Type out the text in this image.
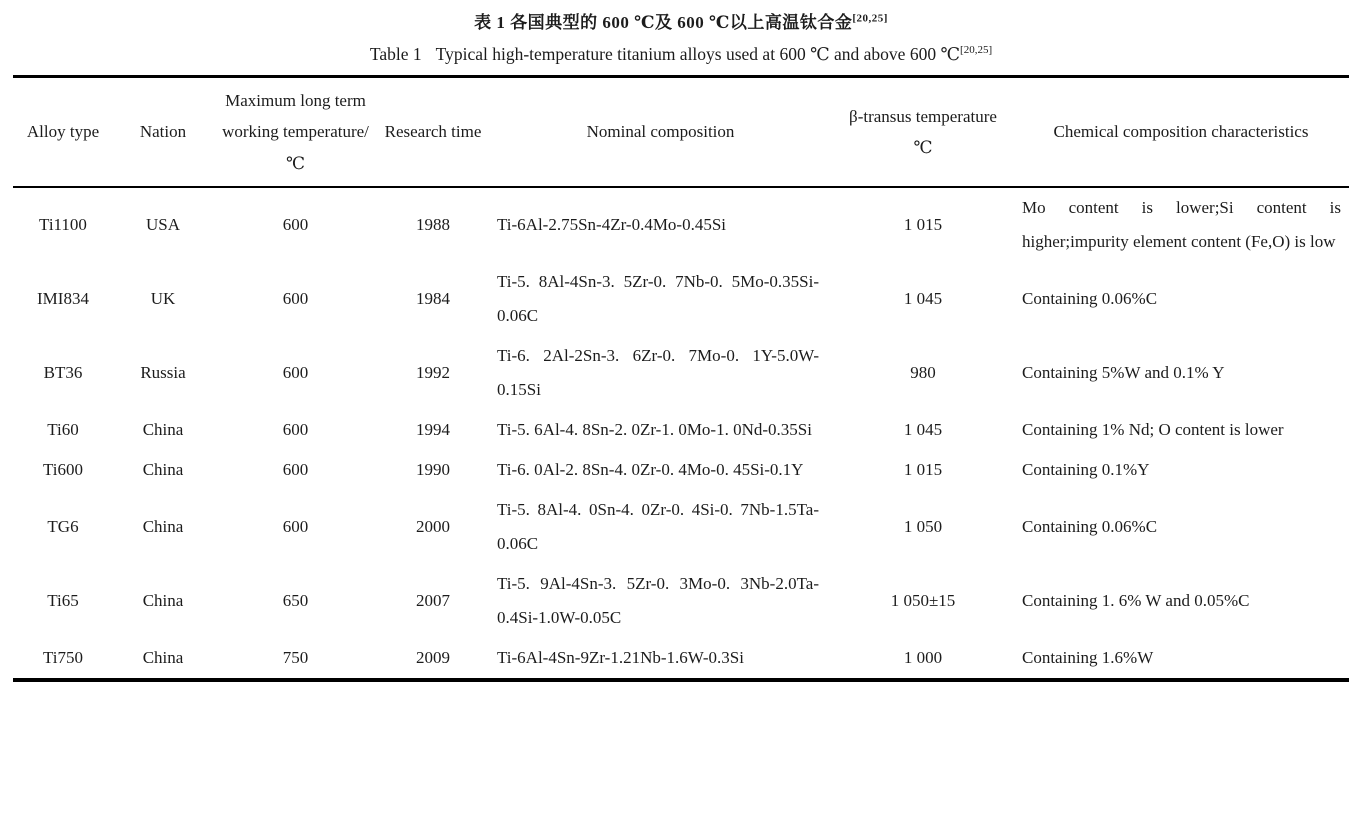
表 1 各国典型的 600 ℃及 600 ℃以上高温钛合金[20,25]
Table 1 Typical high-temperature titanium alloys used at 600 ℃ and above 600 ℃[20,25]
Alloy type	Nation	Maximum long term working temperature/℃	Research time	Nominal composition	β-transus temperature ℃	Chemical composition characteristics
Ti1100	USA	600	1988	Ti-6Al-2.75Sn-4Zr-0.4Mo-0.45Si	1 015	Mo content is lower;Si content is higher;impurity element content (Fe,O) is low
IMI834	UK	600	1984	Ti-5. 8Al-4Sn-3. 5Zr-0. 7Nb-0. 5Mo-0.35Si-0.06C	1 045	Containing 0.06%C
BT36	Russia	600	1992	Ti-6. 2Al-2Sn-3. 6Zr-0. 7Mo-0. 1Y-5.0W-0.15Si	980	Containing 5%W and 0.1% Y
Ti60	China	600	1994	Ti-5. 6Al-4. 8Sn-2. 0Zr-1. 0Mo-1. 0Nd-0.35Si	1 045	Containing 1% Nd; O content is lower
Ti600	China	600	1990	Ti-6. 0Al-2. 8Sn-4. 0Zr-0. 4Mo-0. 45Si-0.1Y	1 015	Containing 0.1%Y
TG6	China	600	2000	Ti-5. 8Al-4. 0Sn-4. 0Zr-0. 4Si-0. 7Nb-1.5Ta-0.06C	1 050	Containing 0.06%C
Ti65	China	650	2007	Ti-5. 9Al-4Sn-3. 5Zr-0. 3Mo-0. 3Nb-2.0Ta-0.4Si-1.0W-0.05C	1 050±15	Containing 1. 6% W and 0.05%C
Ti750	China	750	2009	Ti-6Al-4Sn-9Zr-1.21Nb-1.6W-0.3Si	1 000	Containing 1.6%W
